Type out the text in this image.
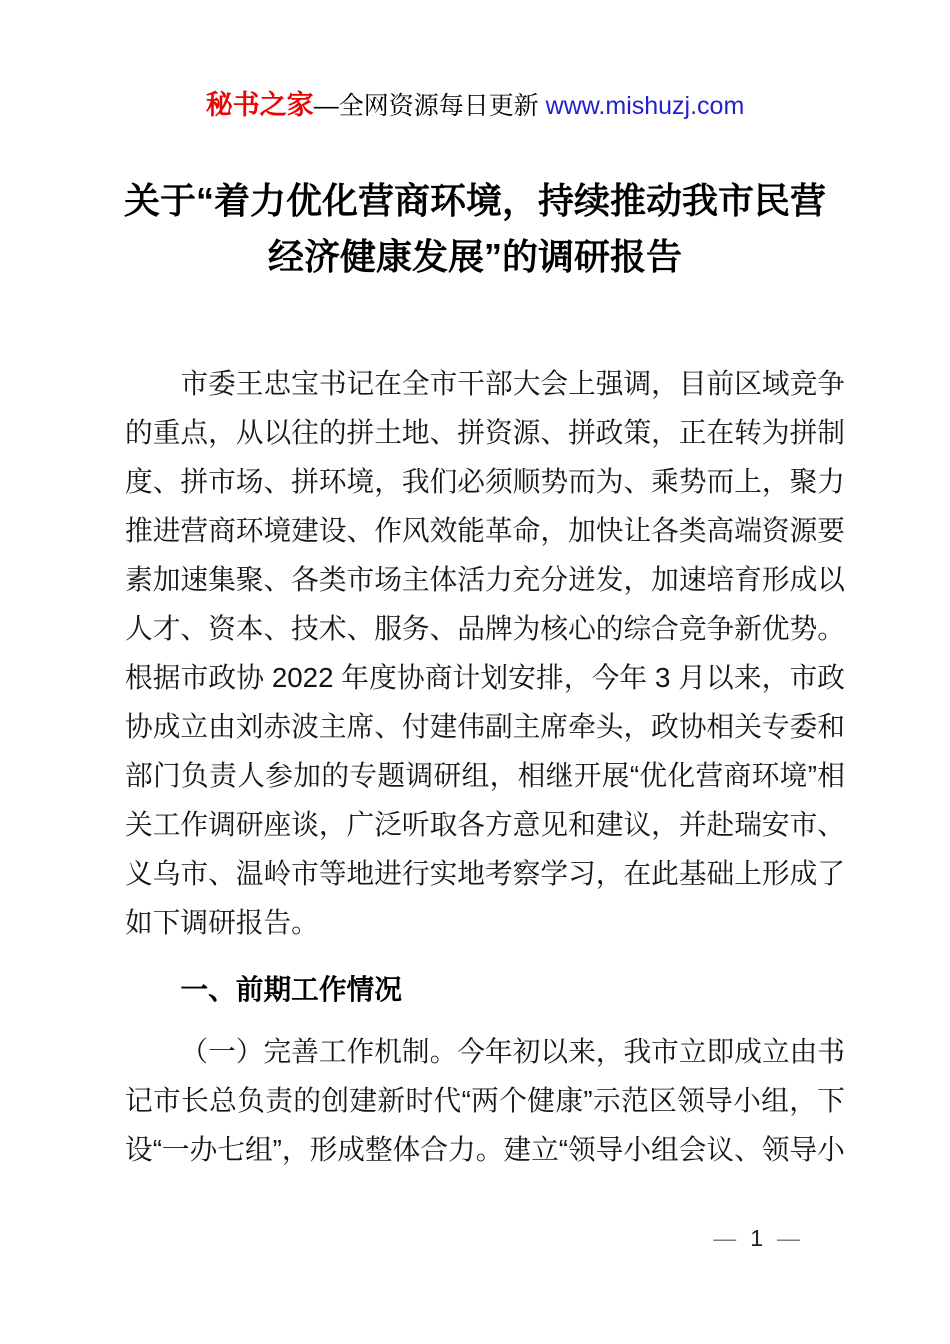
秘书之家—全网资源每日更新 www.mishuzj.com
关于“着力优化营商环境，持续推动我市民营
经济健康发展”的调研报告

市委王忠宝书记在全市干部大会上强调，目前区域竞争的重点，从以往的拼土地、拼资源、拼政策，正在转为拼制度、拼市场、拼环境，我们必须顺势而为、乘势而上，聚力推进营商环境建设、作风效能革命，加快让各类高端资源要素加速集聚、各类市场主体活力充分迸发，加速培育形成以人才、资本、技术、服务、品牌为核心的综合竞争新优势。根据市政协 2022 年度协商计划安排，今年 3 月以来，市政协成立由刘赤波主席、付建伟副主席牵头，政协相关专委和部门负责人参加的专题调研组，相继开展“优化营商环境”相关工作调研座谈，广泛听取各方意见和建议，并赴瑞安市、义乌市、温岭市等地进行实地考察学习，在此基础上形成了如下调研报告。

一、前期工作情况

（一）完善工作机制。今年初以来，我市立即成立由书记市长总负责的创建新时代“两个健康”示范区领导小组，下设“一办七组”，形成整体合力。建立“领导小组会议、领导小

— 1 —
